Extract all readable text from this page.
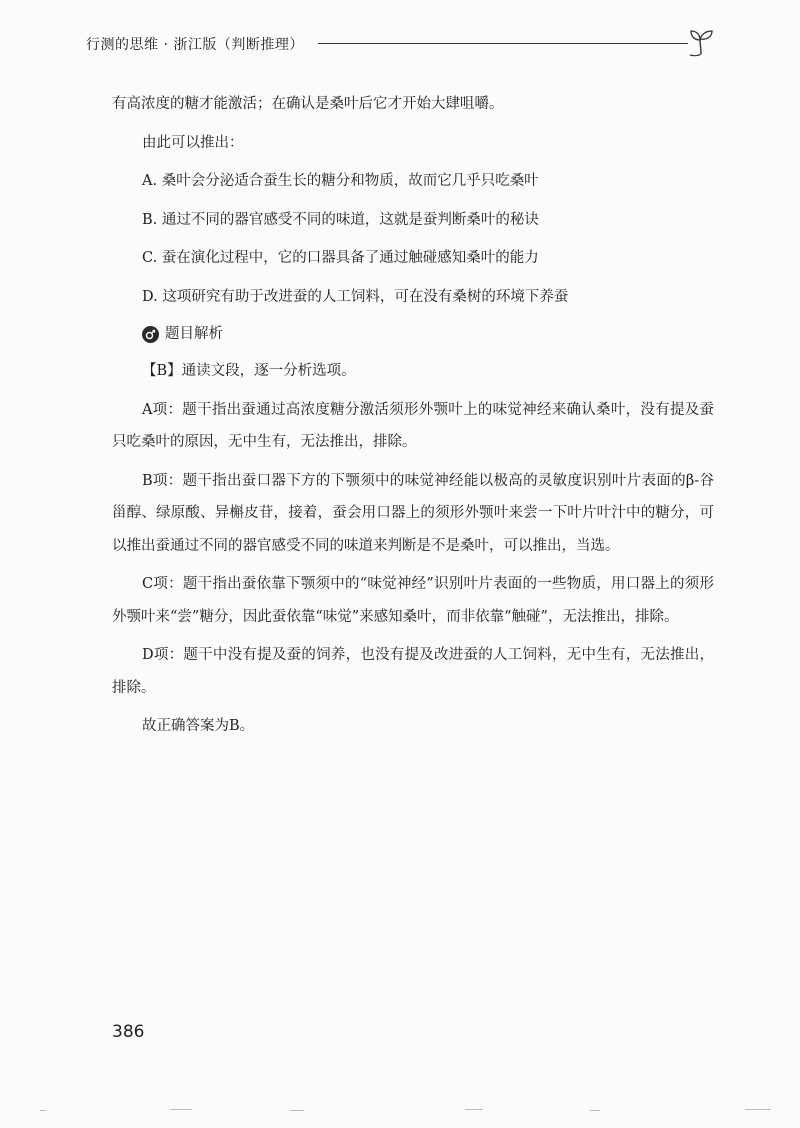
行测的思维 · 浙江版（判断推理）

有高浓度的糖才能激活；在确认是桑叶后它才开始大肆咀嚼。

由此可以推出：

A. 桑叶会分泌适合蚕生长的糖分和物质，故而它几乎只吃桑叶

B. 通过不同的器官感受不同的味道，这就是蚕判断桑叶的秘诀

C. 蚕在演化过程中，它的口器具备了通过触碰感知桑叶的能力

D. 这项研究有助于改进蚕的人工饲料，可在没有桑树的环境下养蚕

题目解析

【B】通读文段，逐一分析选项。

A项：题干指出蚕通过高浓度糖分激活须形外颚叶上的味觉神经来确认桑叶，没有提及蚕只吃桑叶的原因，无中生有，无法推出，排除。

B项：题干指出蚕口器下方的下颚须中的味觉神经能以极高的灵敏度识别叶片表面的β-谷甾醇、绿原酸、异槲皮苷，接着，蚕会用口器上的须形外颚叶来尝一下叶片叶汁中的糖分，可以推出蚕通过不同的器官感受不同的味道来判断是不是桑叶，可以推出，当选。

C项：题干指出蚕依靠下颚须中的“味觉神经”识别叶片表面的一些物质，用口器上的须形外颚叶来“尝”糖分，因此蚕依靠“味觉”来感知桑叶，而非依靠“触碰”，无法推出，排除。

D项：题干中没有提及蚕的饲养，也没有提及改进蚕的人工饲料，无中生有，无法推出，排除。

故正确答案为B。

386
